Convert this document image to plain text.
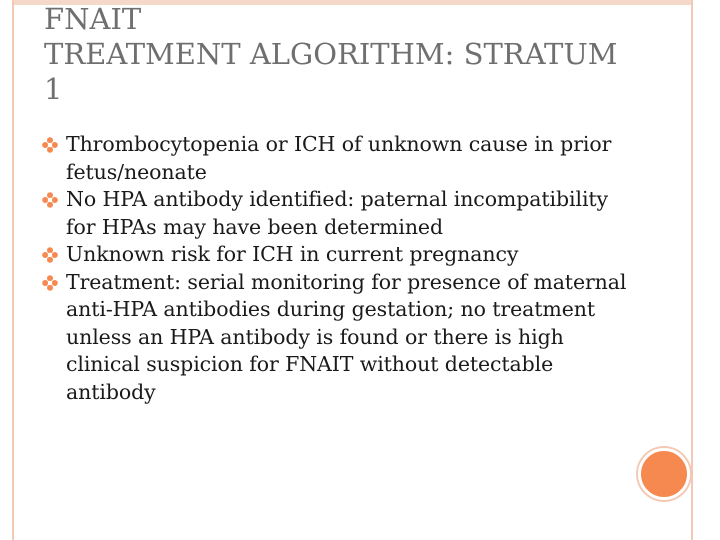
FNAIT
TREATMENT ALGORITHM: STRATUM
1
Thrombocytopenia or ICH of unknown cause in prior fetus/neonate
No HPA antibody identified: paternal incompatibility for HPAs may have been determined
Unknown risk for ICH in current pregnancy
Treatment: serial monitoring for presence of maternal anti-HPA antibodies during gestation; no treatment unless an HPA antibody is found or there is high clinical suspicion for FNAIT without detectable antibody
